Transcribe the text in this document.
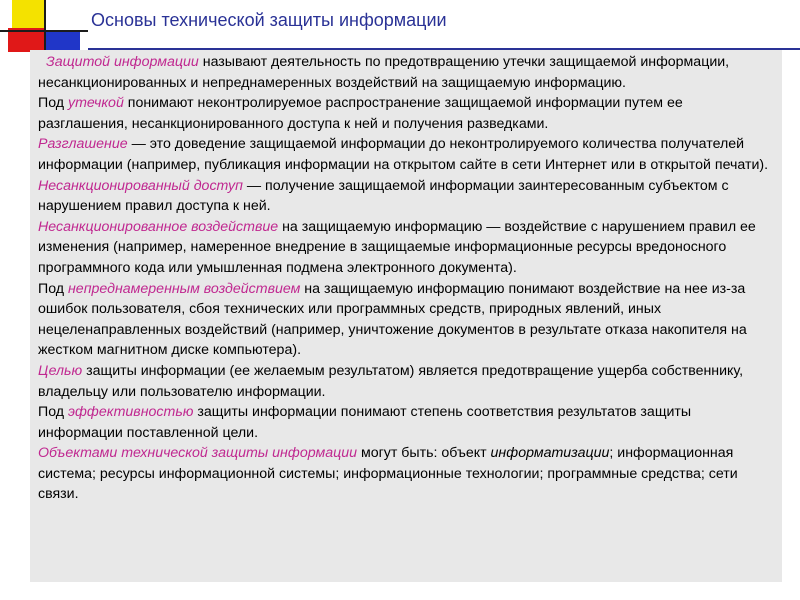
Основы технической защиты информации

Защитой информации называют деятельность по предотвращению утечки защищаемой информации, несанкционированных и непреднамеренных воздействий на защищаемую информацию.

Под утечкой понимают неконтролируемое распространение защищаемой информации путем ее разглашения, несанкционированного доступа к ней и получения разведками.

Разглашение — это доведение защищаемой информации до неконтролируемого количества получателей информации (например, публикация информации на открытом сайте в сети Интернет или в открытой печати).

Несанкционированный доступ — получение защищаемой информации заинтересованным субъектом с нарушением правил доступа к ней.

Несанкционированное воздействие на защищаемую информацию — воздействие с нарушением правил ее изменения (например, намеренное внедрение в защищаемые информационные ресурсы вредоносного программного кода или умышленная подмена электронного документа).

Под непреднамеренным воздействием на защищаемую информацию понимают воздействие на нее из-за ошибок пользователя, сбоя технических или программных средств, природных явлений, иных нецеленаправленных воздействий (например, уничтожение документов в результате отказа накопителя на жестком магнитном диске компьютера).

Целью защиты информации (ее желаемым результатом) является предотвращение ущерба собственнику, владельцу или пользователю информации.

Под эффективностью защиты информации понимают степень соответствия результатов защиты информации поставленной цели.

Объектами технической защиты информации могут быть: объект информатизации; информационная система; ресурсы информационной системы; информационные технологии; программные средства; сети связи.
